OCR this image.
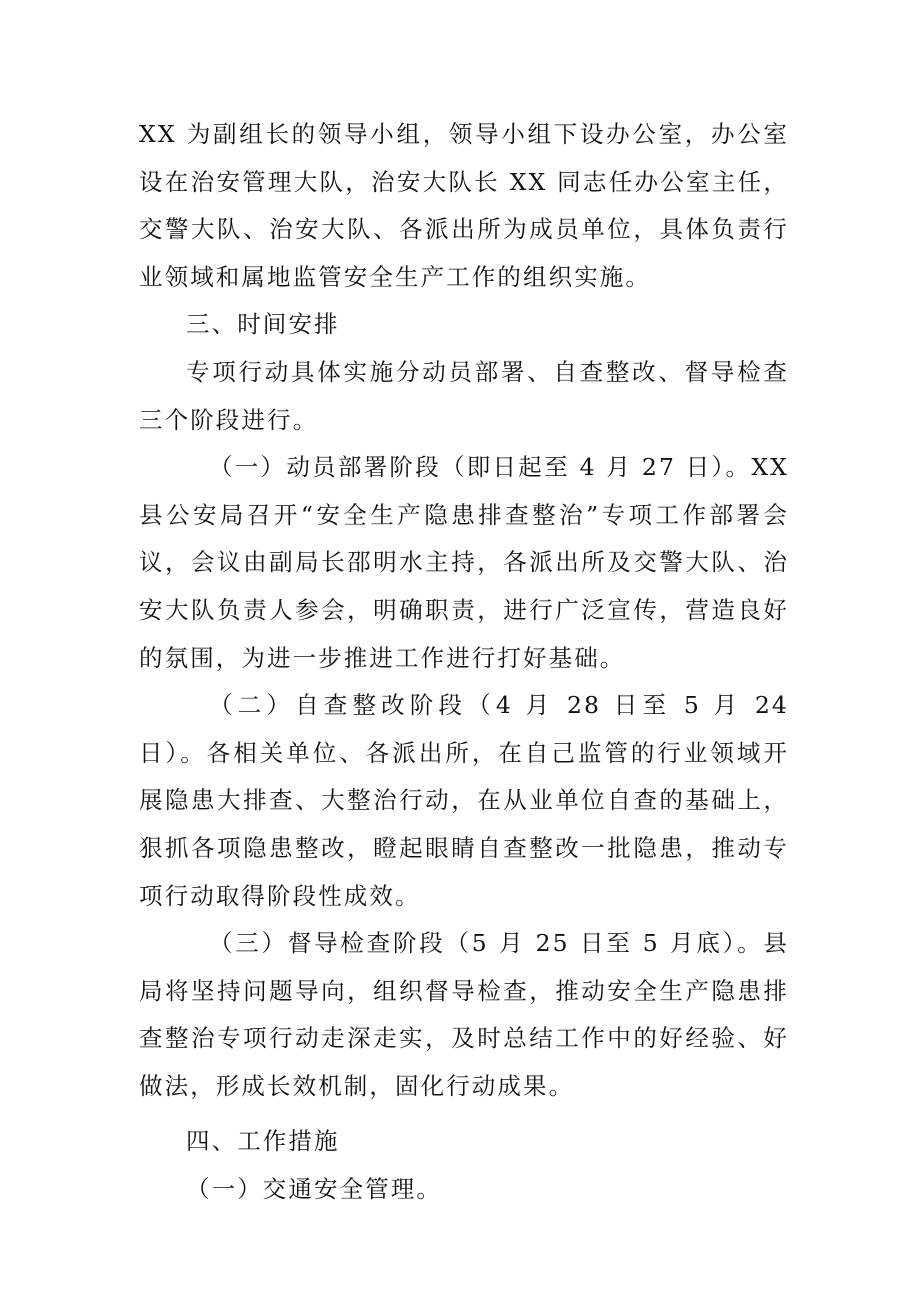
XX 为副组长的领导小组，领导小组下设办公室，办公室设在治安管理大队，治安大队长 XX 同志任办公室主任，交警大队、治安大队、各派出所为成员单位，具体负责行业领域和属地监管安全生产工作的组织实施。

三、时间安排

专项行动具体实施分动员部署、自查整改、督导检查三个阶段进行。

（一）动员部署阶段（即日起至 4 月 27 日）。XX 县公安局召开“安全生产隐患排查整治”专项工作部署会议，会议由副局长邵明水主持，各派出所及交警大队、治安大队负责人参会，明确职责，进行广泛宣传，营造良好的氛围，为进一步推进工作进行打好基础。

（二）自查整改阶段（4 月 28 日至 5 月 24 日）。各相关单位、各派出所，在自己监管的行业领域开展隐患大排查、大整治行动，在从业单位自查的基础上，狠抓各项隐患整改，瞪起眼睛自查整改一批隐患，推动专项行动取得阶段性成效。

（三）督导检查阶段（5 月 25 日至 5 月底）。县局将坚持问题导向，组织督导检查，推动安全生产隐患排查整治专项行动走深走实，及时总结工作中的好经验、好做法，形成长效机制，固化行动成果。

四、工作措施

（一）交通安全管理。
